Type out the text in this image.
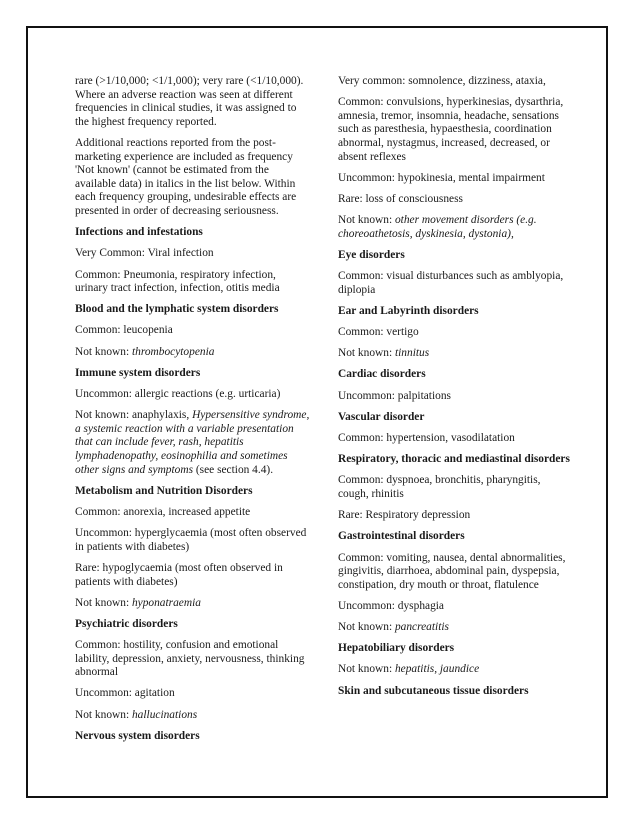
rare (>1/10,000; <1/1,000); very rare (<1/10,000). Where an adverse reaction was seen at different frequencies in clinical studies, it was assigned to the highest frequency reported.

Additional reactions reported from the post-marketing experience are included as frequency 'Not known' (cannot be estimated from the available data) in italics in the list below. Within each frequency grouping, undesirable effects are presented in order of decreasing seriousness.

Infections and infestations

Very Common: Viral infection

Common: Pneumonia, respiratory infection, urinary tract infection, infection, otitis media

Blood and the lymphatic system disorders

Common: leucopenia

Not known: thrombocytopenia

Immune system disorders

Uncommon: allergic reactions (e.g. urticaria)

Not known: anaphylaxis, Hypersensitive syndrome, a systemic reaction with a variable presentation that can include fever, rash, hepatitis lymphadenopathy, eosinophilia and sometimes other signs and symptoms (see section 4.4).

Metabolism and Nutrition Disorders

Common: anorexia, increased appetite

Uncommon: hyperglycaemia (most often observed in patients with diabetes)

Rare: hypoglycaemia (most often observed in patients with diabetes)

Not known: hyponatraemia

Psychiatric disorders

Common: hostility, confusion and emotional lability, depression, anxiety, nervousness, thinking abnormal

Uncommon: agitation

Not known: hallucinations

Nervous system disorders

Very common: somnolence, dizziness, ataxia,

Common: convulsions, hyperkinesias, dysarthria, amnesia, tremor, insomnia, headache, sensations such as paresthesia, hypaesthesia, coordination abnormal, nystagmus, increased, decreased, or absent reflexes

Uncommon: hypokinesia, mental impairment

Rare: loss of consciousness

Not known: other movement disorders (e.g. choreoathetosis, dyskinesia, dystonia),

Eye disorders

Common: visual disturbances such as amblyopia, diplopia

Ear and Labyrinth disorders

Common: vertigo

Not known: tinnitus

Cardiac disorders

Uncommon: palpitations

Vascular disorder

Common: hypertension, vasodilatation

Respiratory, thoracic and mediastinal disorders

Common: dyspnoea, bronchitis, pharyngitis, cough, rhinitis

Rare: Respiratory depression

Gastrointestinal disorders

Common: vomiting, nausea, dental abnormalities, gingivitis, diarrhoea, abdominal pain, dyspepsia, constipation, dry mouth or throat, flatulence

Uncommon: dysphagia

Not known: pancreatitis

Hepatobiliary disorders

Not known: hepatitis, jaundice

Skin and subcutaneous tissue disorders
